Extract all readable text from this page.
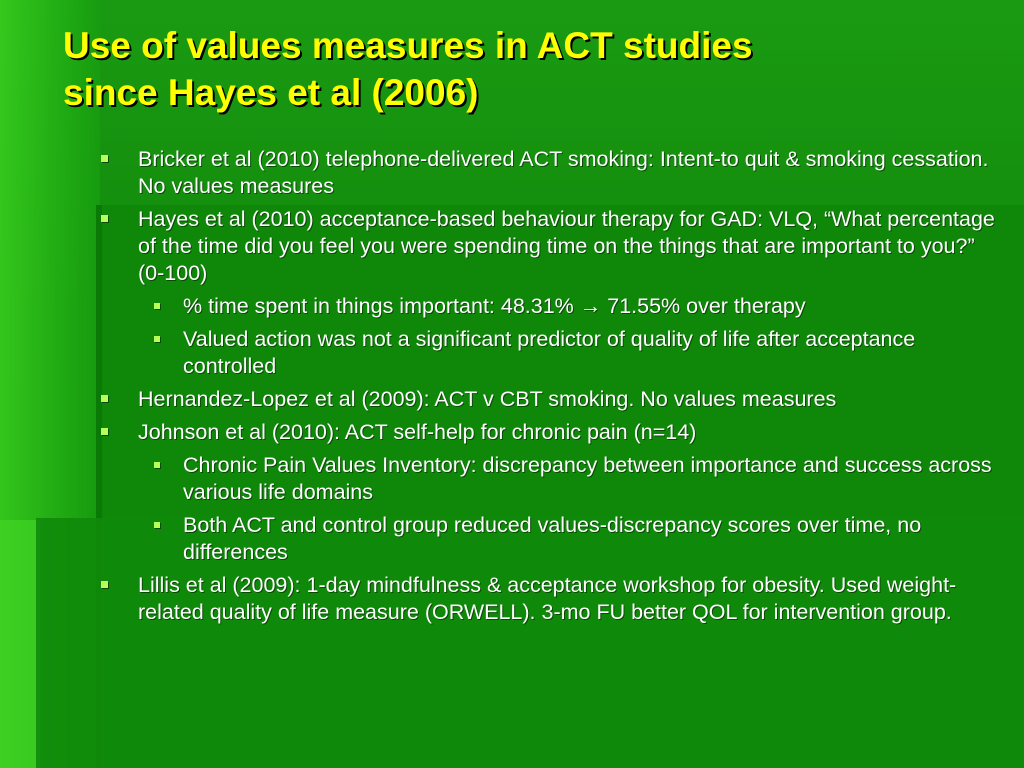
Use of values measures in ACT studies
since Hayes et al (2006)
Bricker et al (2010) telephone-delivered ACT smoking: Intent-to quit & smoking cessation. No values measures
Hayes et al (2010) acceptance-based behaviour therapy for GAD: VLQ, “What percentage of the time did you feel you were spending time on the things that are important to you?” (0-100)
% time spent in things important: 48.31% → 71.55% over therapy
Valued action was not a significant predictor of quality of life after acceptance controlled
Hernandez-Lopez et al (2009): ACT v CBT smoking. No values measures
Johnson et al (2010): ACT self-help for chronic pain (n=14)
Chronic Pain Values Inventory: discrepancy between importance and success across various life domains
Both ACT and control group reduced values-discrepancy scores over time, no differences
Lillis et al (2009): 1-day mindfulness & acceptance workshop for obesity. Used weight-related quality of life measure (ORWELL). 3-mo FU better QOL for intervention group.
